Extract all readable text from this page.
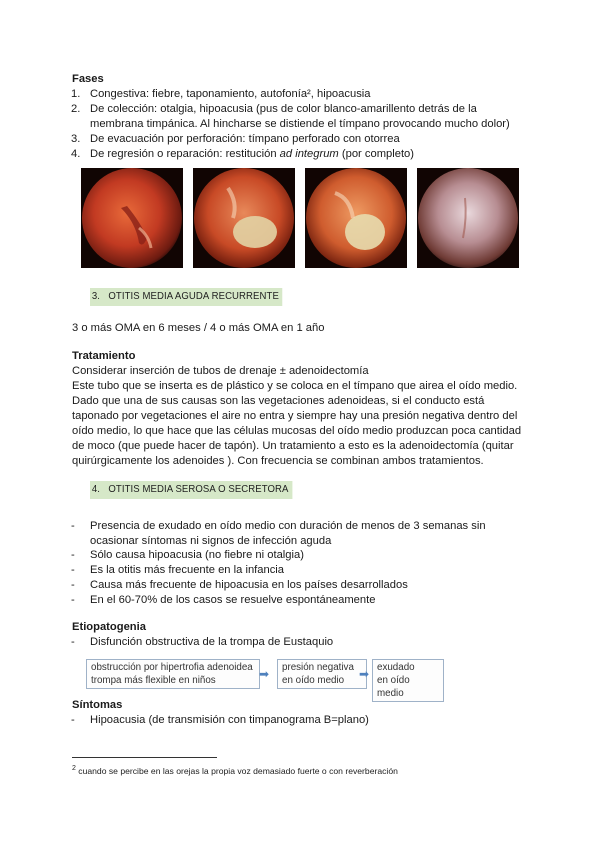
Fases
1. Congestiva: fiebre, taponamiento, autofonía², hipoacusia
2. De colección: otalgia, hipoacusia (pus de color blanco-amarillento detrás de la
membrana timpánica. Al hincharse se distiende el tímpano provocando mucho dolor)
3. De evacuación por perforación: tímpano perforado con otorrea
4. De regresión o reparación: restitución ad integrum (por completo)
3. OTITIS MEDIA AGUDA RECURRENTE
3 o más OMA en 6 meses / 4 o más OMA en 1 año
Tratamiento
Considerar inserción de tubos de drenaje ± adenoidectomía
Este tubo que se inserta es de plástico y se coloca en el tímpano que airea el oído medio.
Dado que una de sus causas son las vegetaciones adenoideas, si el conducto está
taponado por vegetaciones el aire no entra y siempre hay una presión negativa dentro del
oído medio, lo que hace que las células mucosas del oído medio produzcan poca cantidad
de moco (que puede hacer de tapón). Un tratamiento a esto es la adenoidectomía (quitar
quirúrgicamente los adenoides ). Con frecuencia se combinan ambos tratamientos.
4. OTITIS MEDIA SEROSA O SECRETORA
- Presencia de exudado en oído medio con duración de menos de 3 semanas sin
ocasionar síntomas ni signos de infección aguda
- Sólo causa hipoacusia (no fiebre ni otalgia)
- Es la otitis más frecuente en la infancia
- Causa más frecuente de hipoacusia en los países desarrollados
- En el 60-70% de los casos se resuelve espontáneamente
Etiopatogenia
- Disfunción obstructiva de la trompa de Eustaquio
obstrucción por hipertrofia adenoidea
trompa más flexible en niños	➡ presión negativa
en oído medio	➡ exudado
en oído medio
Síntomas
- Hipoacusia (de transmisión con timpanograma B=plano)
$^2$ cuando se percibe en las orejas la propia voz demasiado fuerte o con reverberación
